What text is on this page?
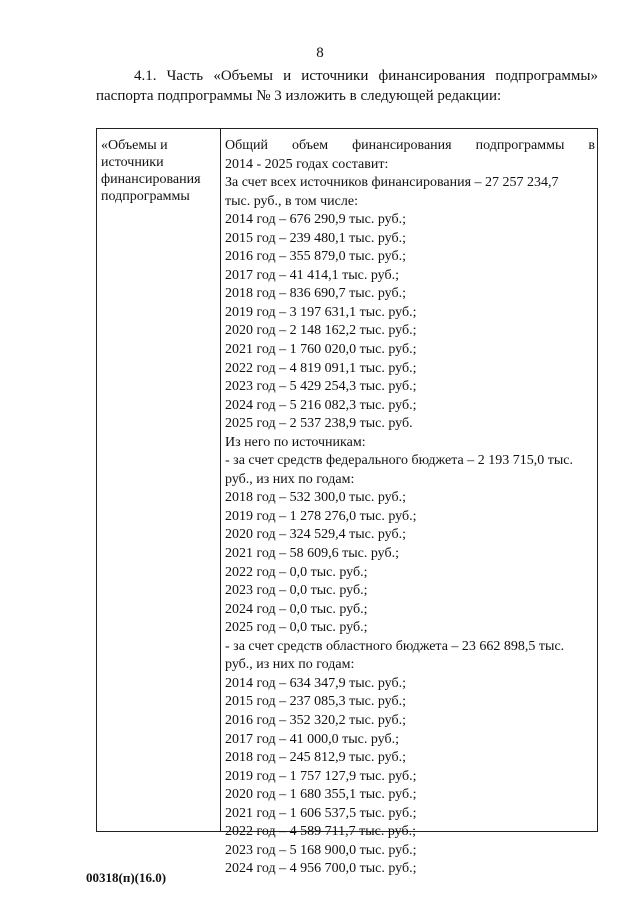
8
4.1. Часть «Объемы и источники финансирования подпрограммы»
паспорта подпрограммы № 3 изложить в следующей редакции:
«Объемы и
источники
финансирования
подпрограммы
Общий объем финансирования подпрограммы в
2014 - 2025 годах составит:
За счет всех источников финансирования – 27 257 234,7
тыс. руб., в том числе:
2014 год – 676 290,9 тыс. руб.;
2015 год – 239 480,1 тыс. руб.;
2016 год – 355 879,0 тыс. руб.;
2017 год – 41 414,1 тыс. руб.;
2018 год – 836 690,7 тыс. руб.;
2019 год – 3 197 631,1 тыс. руб.;
2020 год – 2 148 162,2 тыс. руб.;
2021 год – 1 760 020,0 тыс. руб.;
2022 год – 4 819 091,1 тыс. руб.;
2023 год – 5 429 254,3 тыс. руб.;
2024 год – 5 216 082,3 тыс. руб.;
2025 год – 2 537 238,9 тыс. руб.
Из него по источникам:
- за счет средств федерального бюджета – 2 193 715,0 тыс.
руб., из них по годам:
2018 год – 532 300,0 тыс. руб.;
2019 год – 1 278 276,0 тыс. руб.;
2020 год – 324 529,4 тыс. руб.;
2021 год – 58 609,6 тыс. руб.;
2022 год – 0,0 тыс. руб.;
2023 год – 0,0 тыс. руб.;
2024 год – 0,0 тыс. руб.;
2025 год – 0,0 тыс. руб.;
- за счет средств областного бюджета – 23 662 898,5 тыс.
руб., из них по годам:
2014 год – 634 347,9 тыс. руб.;
2015 год – 237 085,3 тыс. руб.;
2016 год – 352 320,2 тыс. руб.;
2017 год – 41 000,0 тыс. руб.;
2018 год – 245 812,9 тыс. руб.;
2019 год – 1 757 127,9 тыс. руб.;
2020 год – 1 680 355,1 тыс. руб.;
2021 год – 1 606 537,5 тыс. руб.;
2022 год – 4 589 711,7 тыс. руб.;
2023 год – 5 168 900,0 тыс. руб.;
2024 год – 4 956 700,0 тыс. руб.;
00318(п)(16.0)
